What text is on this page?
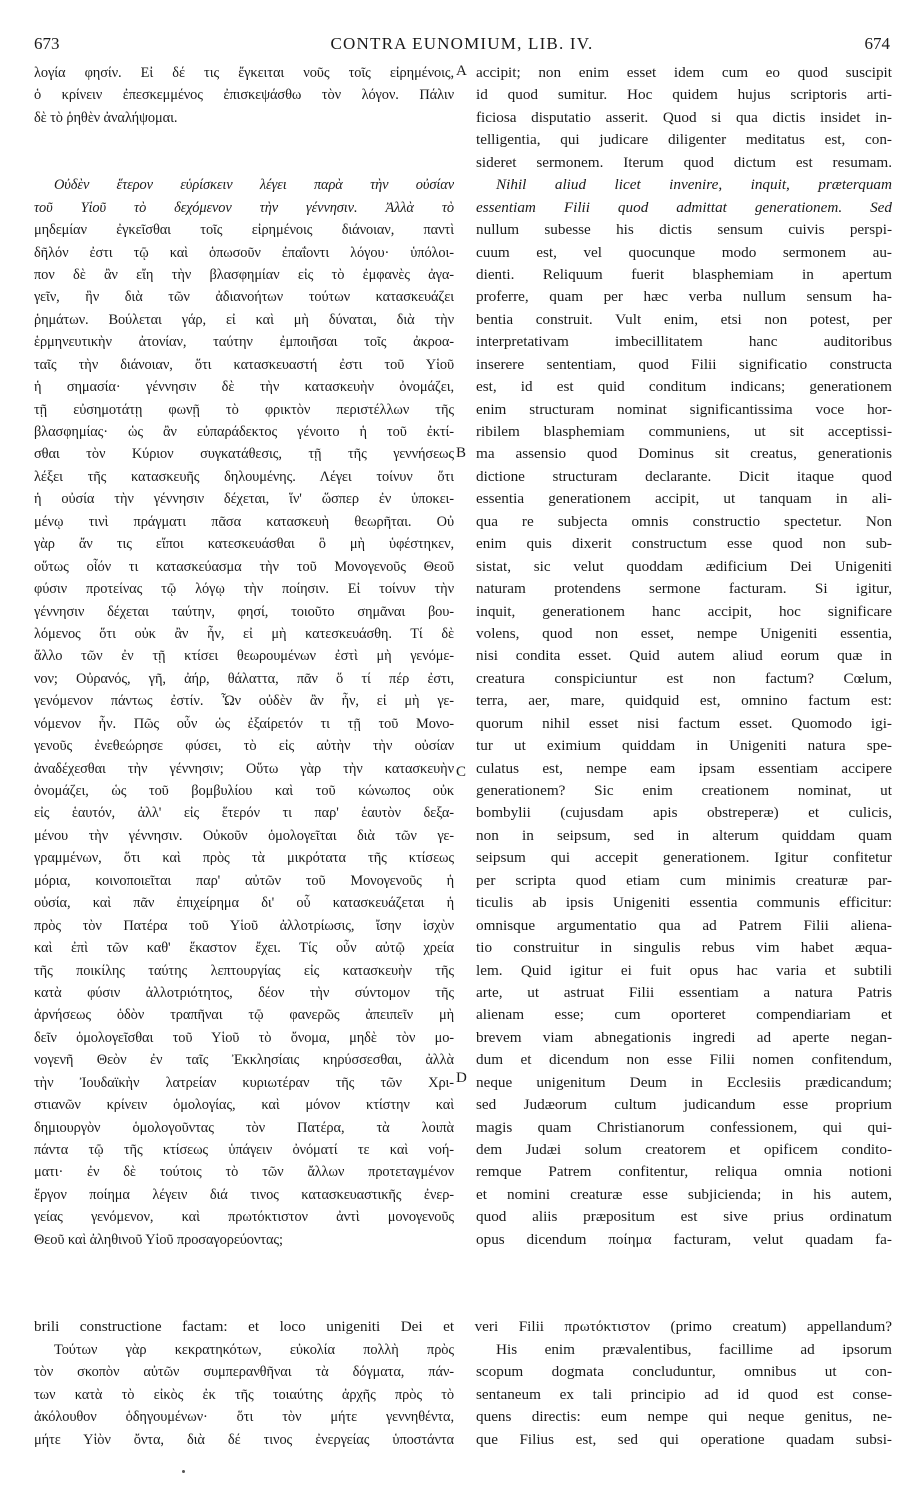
673	CONTRA EUNOMIUM, LIB. IV.	674
A
B
C
D
λογία φησίν. Εἰ δέ τις ἔγκειται νοῦς τοῖς εἰρημένοις,
ὁ κρίνειν ἐπεσκεμμένος ἐπισκεψάσθω τὸν λόγον. Πάλιν
δὲ τὸ ῥηθὲν ἀναλήψομαι.
Οὐδὲν ἕτερον εὑρίσκειν λέγει παρὰ τὴν οὐσίαν
τοῦ Υἱοῦ τὸ δεχόμενον τὴν γέννησιν. Ἀλλὰ τὸ
μηδεμίαν ἐγκεῖσθαι τοῖς εἰρημένοις διάνοιαν, παντὶ
δῆλόν ἐστι τῷ καὶ ὁπωσοῦν ἐπαΐοντι λόγου· ὑπόλοι-
πον δὲ ἂν εἴη τὴν βλασφημίαν εἰς τὸ ἐμφανὲς ἀγα-
γεῖν, ἣν διὰ τῶν ἀδιανοήτων τούτων κατασκευάζει
ῥημάτων. Βούλεται γάρ, εἰ καὶ μὴ δύναται, διὰ τὴν
ἑρμηνευτικὴν ἀτονίαν, ταύτην ἐμποιῆσαι τοῖς ἀκροα-
ταῖς τὴν διάνοιαν, ὅτι κατασκευαστή ἐστι τοῦ Υἱοῦ
ἡ σημασία· γέννησιν δὲ τὴν κατασκευὴν ὀνομάζει,
τῇ εὐσημοτάτῃ φωνῇ τὸ φρικτὸν περιστέλλων τῆς
βλασφημίας· ὡς ἂν εὐπαράδεκτος γένοιτο ἡ τοῦ ἐκτί-
σθαι τὸν Κύριον συγκατάθεσις, τῇ τῆς γεννήσεως
λέξει τῆς κατασκευῆς δηλουμένης. Λέγει τοίνυν ὅτι
ἡ οὐσία τὴν γέννησιν δέχεται, ἵν' ὥσπερ ἐν ὑποκει-
μένῳ τινὶ πράγματι πᾶσα κατασκευὴ θεωρῆται. Οὐ
γὰρ ἄν τις εἴποι κατεσκευάσθαι ὃ μὴ ὑφέστηκεν,
οὕτως οἷόν τι κατασκεύασμα τὴν τοῦ Μονογενοῦς Θεοῦ
φύσιν προτείνας τῷ λόγῳ τὴν ποίησιν. Εἰ τοίνυν τὴν
γέννησιν δέχεται ταύτην, φησί, τοιοῦτο σημᾶναι βου-
λόμενος ὅτι οὐκ ἂν ἦν, εἰ μὴ κατεσκευάσθη. Τί δὲ
ἄλλο τῶν ἐν τῇ κτίσει θεωρουμένων ἐστὶ μὴ γενόμε-
νον; Οὐρανός, γῆ, ἀήρ, θάλαττα, πᾶν ὅ τί πέρ ἐστι,
γενόμενον πάντως ἐστίν. Ὧν οὐδὲν ἂν ἦν, εἰ μὴ γε-
νόμενον ἦν. Πῶς οὖν ὡς ἐξαίρετόν τι τῇ τοῦ Μονο-
γενοῦς ἐνεθεώρησε φύσει, τὸ εἰς αὐτὴν τὴν οὐσίαν
ἀναδέχεσθαι τὴν γέννησιν; Οὕτω γὰρ τὴν κατασκευὴν
ὀνομάζει, ὡς τοῦ βομβυλίου καὶ τοῦ κώνωπος οὐκ
εἰς ἑαυτόν, ἀλλ' εἰς ἕτερόν τι παρ' ἑαυτὸν δεξα-
μένου τὴν γέννησιν. Οὐκοῦν ὁμολογεῖται διὰ τῶν γε-
γραμμένων, ὅτι καὶ πρὸς τὰ μικρότατα τῆς κτίσεως
μόρια, κοινοποιεῖται παρ' αὐτῶν τοῦ Μονογενοῦς ἡ
οὐσία, καὶ πᾶν ἐπιχείρημα δι' οὗ κατασκευάζεται ἡ
πρὸς τὸν Πατέρα τοῦ Υἱοῦ ἀλλοτρίωσις, ἴσην ἰσχὺν
καὶ ἐπὶ τῶν καθ' ἕκαστον ἔχει. Τίς οὖν αὐτῷ χρεία
τῆς ποικίλης ταύτης λεπτουργίας εἰς κατασκευὴν τῆς
κατὰ φύσιν ἀλλοτριότητος, δέον τὴν σύντομον τῆς
ἀρνήσεως ὁδὸν τραπῆναι τῷ φανερῶς ἀπειπεῖν μὴ
δεῖν ὁμολογεῖσθαι τοῦ Υἱοῦ τὸ ὄνομα, μηδὲ τὸν μο-
νογενῆ Θεὸν ἐν ταῖς Ἐκκλησίαις κηρύσσεσθαι, ἀλλὰ
τὴν Ἰουδαϊκὴν λατρείαν κυριωτέραν τῆς τῶν Χρι-
στιανῶν κρίνειν ὁμολογίας, καὶ μόνον κτίστην καὶ
δημιουργὸν ὁμολογοῦντας τὸν Πατέρα, τὰ λοιπὰ
πάντα τῷ τῆς κτίσεως ὑπάγειν ὀνόματί τε καὶ νοή-
ματι· ἐν δὲ τούτοις τὸ τῶν ἄλλων προτεταγμένον
ἔργον ποίημα λέγειν διά τινος κατασκευαστικῆς ἐνερ-
γείας γενόμενον, καὶ πρωτόκτιστον ἀντὶ μονογενοῦς
Θεοῦ καὶ ἀληθινοῦ Υἱοῦ προσαγορεύοντας;
accipit; non enim esset idem cum eo quod suscipit
id quod sumitur. Hoc quidem hujus scriptoris arti-
ficiosa disputatio asserit. Quod si qua dictis insidet in-
telligentia, qui judicare diligenter meditatus est, con-
sideret sermonem. Iterum quod dictum est resumam.
Nihil aliud licet invenire, inquit, præterquam
essentiam Filii quod admittat generationem. Sed
nullum subesse his dictis sensum cuivis perspi-
cuum est, vel quocunque modo sermonem au-
dienti. Reliquum fuerit blasphemiam in apertum
proferre, quam per hæc verba nullum sensum ha-
bentia construit. Vult enim, etsi non potest, per
interpretativam imbecillitatem hanc auditoribus
inserere sententiam, quod Filii significatio constructa
est, id est quid conditum indicans; generationem
enim structuram nominat significantissima voce hor-
ribilem blasphemiam communiens, ut sit acceptissi-
ma assensio quod Dominus sit creatus, generationis
dictione structuram declarante. Dicit itaque quod
essentia generationem accipit, ut tanquam in ali-
qua re subjecta omnis constructio spectetur. Non
enim quis dixerit constructum esse quod non sub-
sistat, sic velut quoddam ædificium Dei Unigeniti
naturam protendens sermone facturam. Si igitur,
inquit, generationem hanc accipit, hoc significare
volens, quod non esset, nempe Unigeniti essentia,
nisi condita esset. Quid autem aliud eorum quæ in
creatura conspiciuntur est non factum? Cœlum,
terra, aer, mare, quidquid est, omnino factum est:
quorum nihil esset nisi factum esset. Quomodo igi-
tur ut eximium quiddam in Unigeniti natura spe-
culatus est, nempe eam ipsam essentiam accipere
generationem? Sic enim creationem nominat, ut
bombylii (cujusdam apis obstreperæ) et culicis,
non in seipsum, sed in alterum quiddam quam
seipsum qui accepit generationem. Igitur confitetur
per scripta quod etiam cum minimis creaturæ par-
ticulis ab ipsis Unigeniti essentia communis efficitur:
omnisque argumentatio qua ad Patrem Filii aliena-
tio construitur in singulis rebus vim habet æqua-
lem. Quid igitur ei fuit opus hac varia et subtili
arte, ut astruat Filii essentiam a natura Patris
alienam esse; cum oporteret compendiariam et
brevem viam abnegationis ingredi ad aperte negan-
dum et dicendum non esse Filii nomen confitendum,
neque unigenitum Deum in Ecclesiis prædicandum;
sed Judæorum cultum judicandum esse proprium
magis quam Christianorum confessionem, qui qui-
dem Judæi solum creatorem et opificem condito-
remque Patrem confitentur, reliqua omnia notioni
et nomini creaturæ esse subjicienda; in his autem,
quod aliis præpositum est sive prius ordinatum
opus dicendum ποίημα facturam, velut quadam fa-
brili constructione factam: et loco unigeniti Dei et veri Filii πρωτόκτιστον (primo creatum) appellandum?
Τούτων γὰρ κεκρατηκότων, εὐκολία πολλὴ πρὸς
τὸν σκοπὸν αὐτῶν συμπερανθῆναι τὰ δόγματα, πάν-
των κατὰ τὸ εἰκὸς ἐκ τῆς τοιαύτης ἀρχῆς πρὸς τὸ
ἀκόλουθον ὁδηγουμένων· ὅτι τὸν μήτε γεννηθέντα,
μήτε Υἱὸν ὄντα, διὰ δέ τινος ἐνεργείας ὑποστάντα
His enim prævalentibus, facillime ad ipsorum
scopum dogmata concluduntur, omnibus ut con-
sentaneum ex tali principio ad id quod est conse-
quens directis: eum nempe qui neque genitus, ne-
que Filius est, sed qui operatione quadam subsi-
